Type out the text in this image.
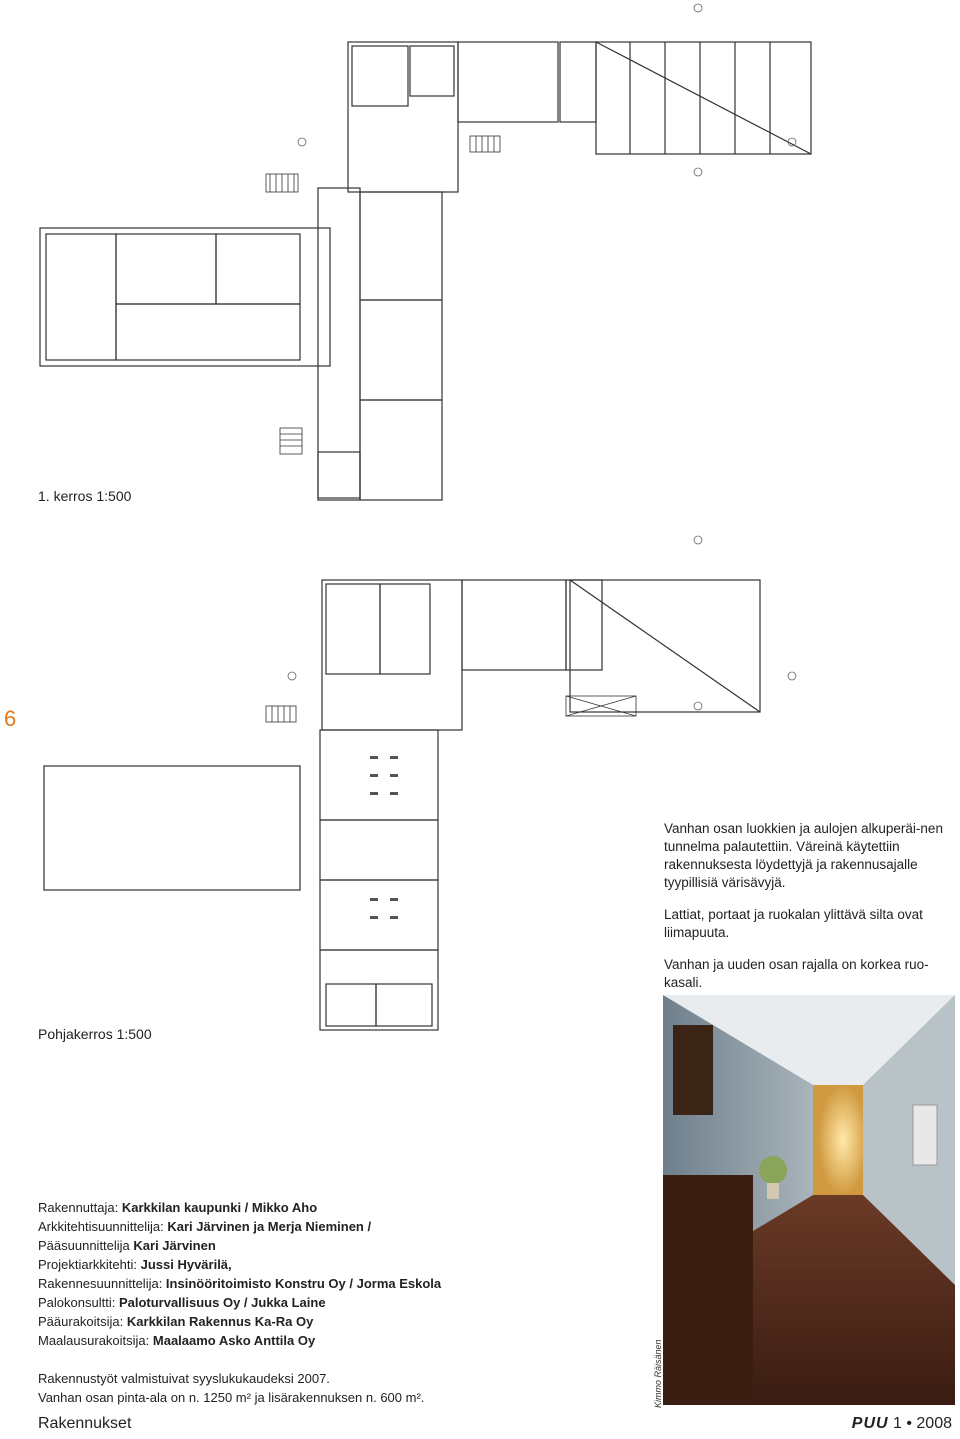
6
1. kerros 1:500
Pohjakerros 1:500

Vanhan osan luokkien ja aulojen alkuperäi-nen tunnelma palautettiin. Väreinä käytettiin rakennuksesta löydettyjä ja rakennusajalle tyypillisiä värisävyjä.

Lattiat, portaat ja ruokalan ylittävä silta ovat liimapuuta.

Vanhan ja uuden osan rajalla on korkea ruo-kasali.

Kimmo Räisänen
Rakennuttaja: Karkkilan kaupunki / Mikko Aho
Arkkitehtisuunnittelija: Kari Järvinen ja Merja Nieminen /
Pääsuunnittelija Kari Järvinen
Projektiarkkitehti: Jussi Hyvärilä,
Rakennesuunnittelija: Insinööritoimisto Konstru Oy / Jorma Eskola
Palokonsultti: Paloturvallisuus Oy / Jukka Laine
Pääurakoitsija: Karkkilan Rakennus Ka-Ra Oy
Maalausurakoitsija: Maalaamo Asko Anttila Oy
Rakennustyöt valmistuivat syyslukukaudeksi 2007.
Vanhan osan pinta-ala on n. 1250 m² ja lisärakennuksen n. 600 m².
Rakennukset	PUU 1 • 2008
